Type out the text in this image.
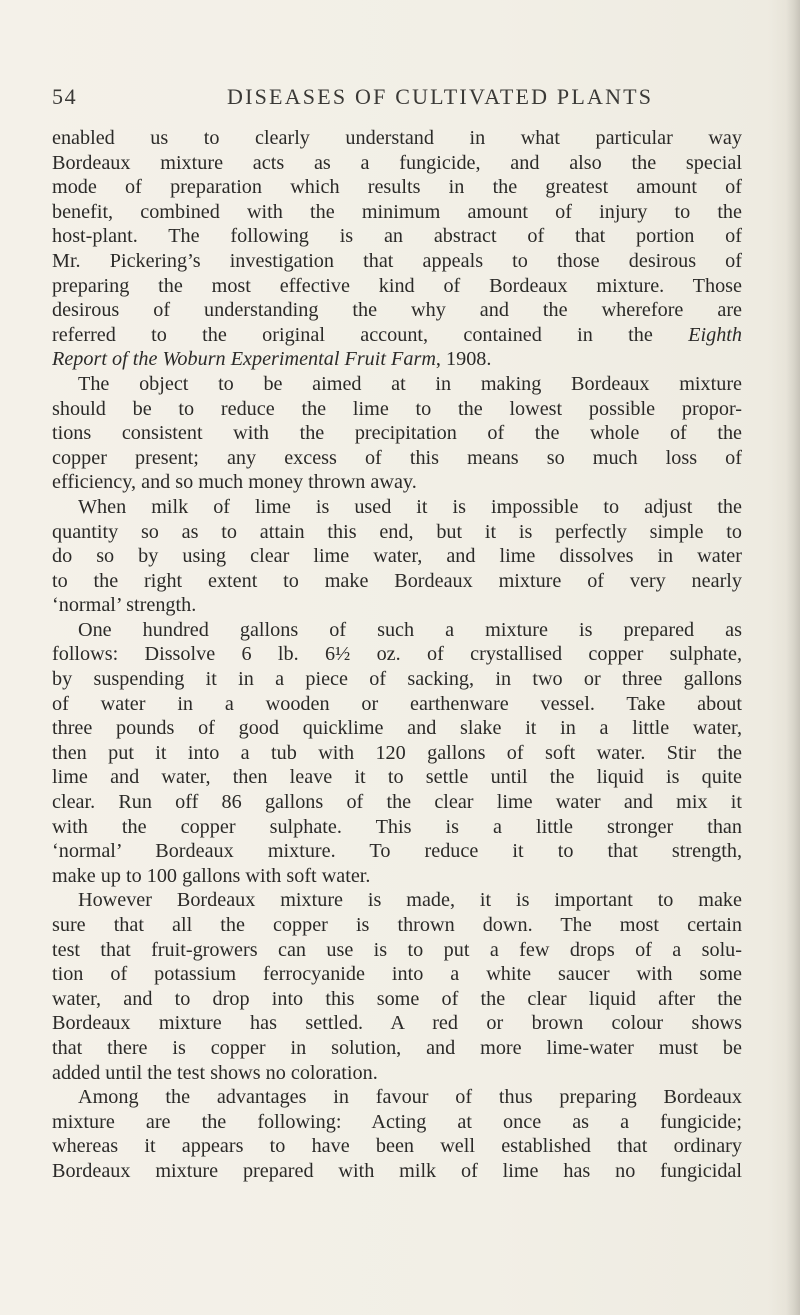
54	DISEASES OF CULTIVATED PLANTS

enabled us to clearly understand in what particular way
Bordeaux mixture acts as a fungicide, and also the special
mode of preparation which results in the greatest amount of
benefit, combined with the minimum amount of injury to the
host-plant. The following is an abstract of that portion of
Mr. Pickering’s investigation that appeals to those desirous of
preparing the most effective kind of Bordeaux mixture. Those
desirous of understanding the why and the wherefore are
referred to the original account, contained in the Eighth
Report of the Woburn Experimental Fruit Farm, 1908.

The object to be aimed at in making Bordeaux mixture
should be to reduce the lime to the lowest possible propor-
tions consistent with the precipitation of the whole of the
copper present; any excess of this means so much loss of
efficiency, and so much money thrown away.

When milk of lime is used it is impossible to adjust the
quantity so as to attain this end, but it is perfectly simple to
do so by using clear lime water, and lime dissolves in water
to the right extent to make Bordeaux mixture of very nearly
‘normal’ strength.

One hundred gallons of such a mixture is prepared as
follows: Dissolve 6 lb. 6½ oz. of crystallised copper sulphate,
by suspending it in a piece of sacking, in two or three gallons
of water in a wooden or earthenware vessel. Take about
three pounds of good quicklime and slake it in a little water,
then put it into a tub with 120 gallons of soft water. Stir the
lime and water, then leave it to settle until the liquid is quite
clear. Run off 86 gallons of the clear lime water and mix it
with the copper sulphate. This is a little stronger than
‘normal’ Bordeaux mixture. To reduce it to that strength,
make up to 100 gallons with soft water.

However Bordeaux mixture is made, it is important to make
sure that all the copper is thrown down. The most certain
test that fruit-growers can use is to put a few drops of a solu-
tion of potassium ferrocyanide into a white saucer with some
water, and to drop into this some of the clear liquid after the
Bordeaux mixture has settled. A red or brown colour shows
that there is copper in solution, and more lime-water must be
added until the test shows no coloration.

Among the advantages in favour of thus preparing Bordeaux
mixture are the following: Acting at once as a fungicide;
whereas it appears to have been well established that ordinary
Bordeaux mixture prepared with milk of lime has no fungicidal
